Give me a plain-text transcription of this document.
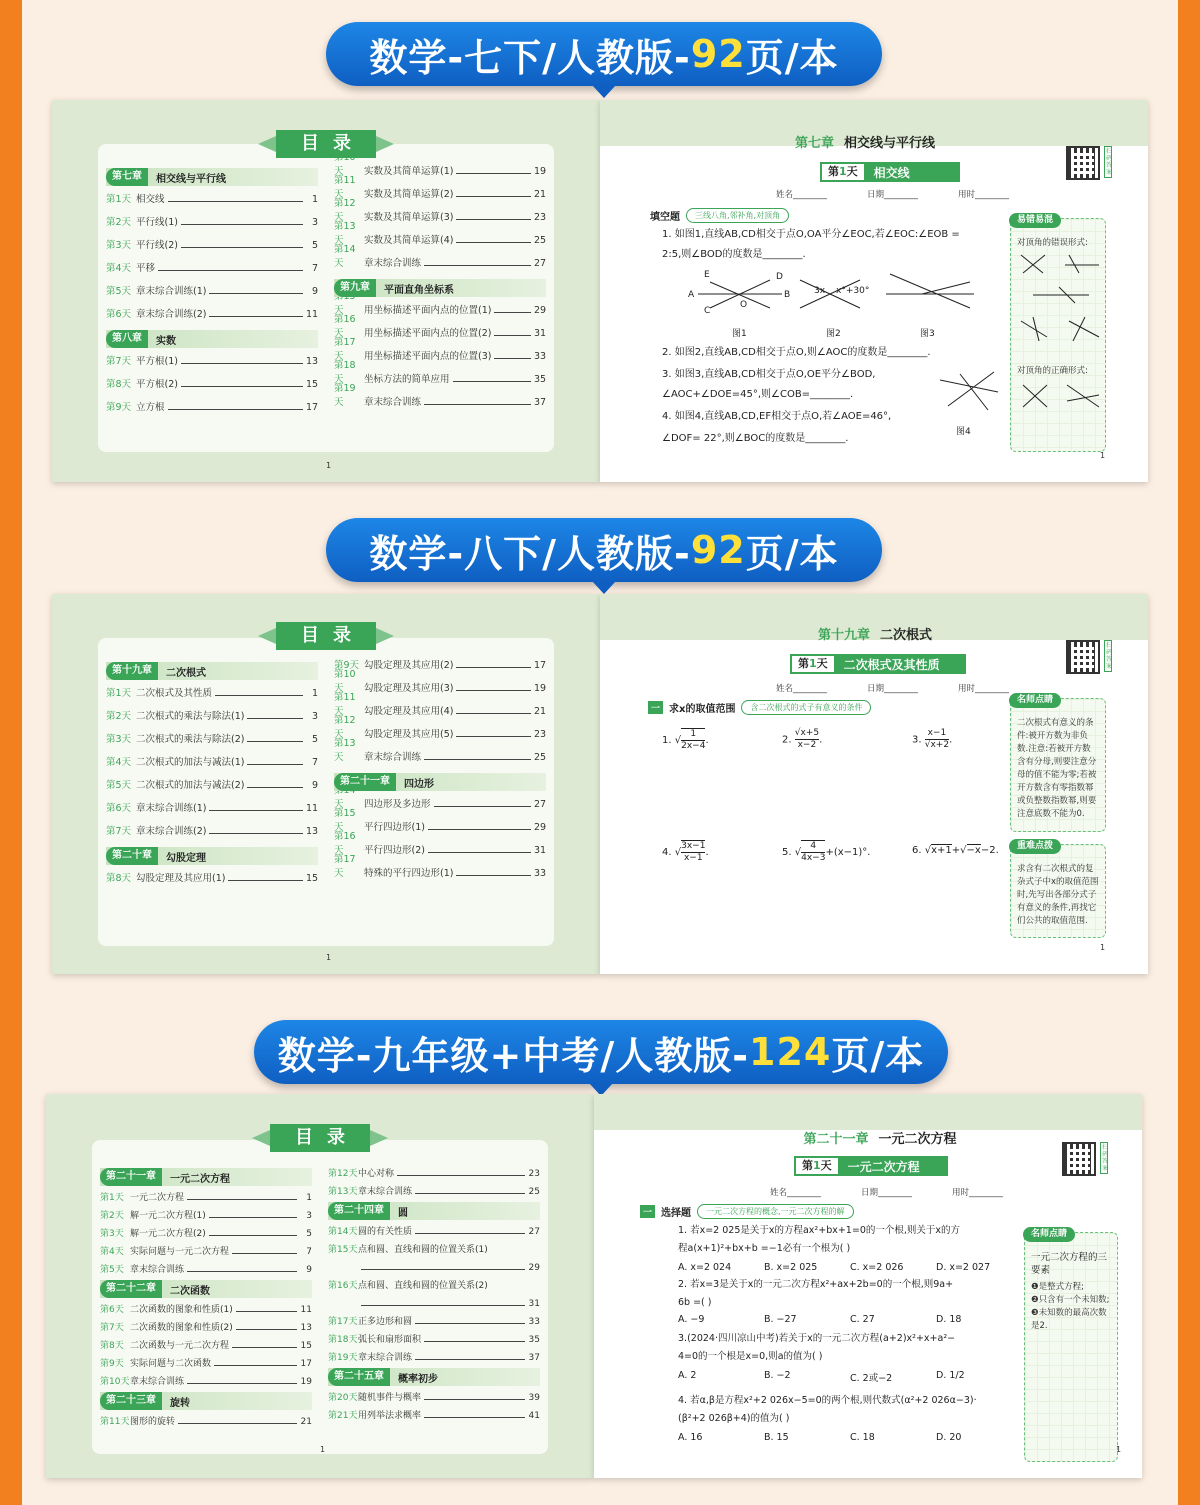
数学-七下/人教版- 92 页/本
第七章	相交线与平行线
第1天 相交线	1
第2天 平行线(1)	3
第3天 平行线(2)	5
第4天 平移	7
第5天 章末综合训练(1)	9
第6天 章末综合训练(2)	11
第八章	实数
第7天 平方根(1)	13
第8天 平方根(2)	15
第9天 立方根	17
天	实数及其简单运算(1)	19
第11天	实数及其简单运算(2)	21
第12天	实数及其简单运算(3)	23
第13天	实数及其简单运算(4)	25
第14天	章末综合训练	27
第九章	平面直角坐标系
天	用坐标描述平面内点的位置(1)	29
第16天	用坐标描述平面内点的位置(2)	31
第17天	用坐标描述平面内点的位置(3)	33
第18天	坐标方法的简单应用	35
第19天	章末综合训练	37
目录
1
第七章 相交线与平行线
第1天	相交线
姓名________	日期________	用时________
扫码答案
填空题	三线八角,邻补角,对顶角
1. 如图1,直线AB,CD相交于点O,OA平分∠EOC,若∠EOC:∠EOB =
2:5,则∠BOD的度数是________.
E	D
A	B
C
O
3x x°+30°
图1	图2	图3
2. 如图2,直线AB,CD相交于点O,则∠AOC的度数是________.
3. 如图3,直线AB,CD相交于点O,OE平分∠BOD,
∠AOC+∠DOE=45°,则∠COB=________.
4. 如图4,直线AB,CD,EF相交于点O,若∠AOE=46°,
∠DOF= 22°,则∠BOC的度数是________.
图4
易错易混
对顶角的错误形式:
对顶角的正确形式:
1
数学-八下/人教版- 92 页/本
第十九章	二次根式
第1天 二次根式及其性质	1
第2天 二次根式的乘法与除法(1)	3
第3天 二次根式的乘法与除法(2)	5
第4天 二次根式的加法与减法(1)	7
第5天 二次根式的加法与减法(2)	9
第6天 章末综合训练(1)	11
第7天 章末综合训练(2)	13
第二十章	勾股定理
第8天 勾股定理及其应用(1)	15
第9天 勾股定理及其应用(2)	17
第10天	勾股定理及其应用(3)	19
第11天	勾股定理及其应用(4)	21
第12天	勾股定理及其应用(5)	23
第13天	章末综合训练	25
第二十一章	四边形
天	四边形及多边形	27
第15天	平行四边形(1)	29
第16天	平行四边形(2)	31
第17天	特殊的平行四边形(1)	33
目录
1
第十九章 二次根式
第1天	二次根式及其性质
姓名________	日期________	用时________
扫码答案
一 求x的取值范围	含二次根式的式子有意义的条件
1. √ $\frac{1}{2x-4}$ .	2. $\frac{√x+5}{x-2}$ .	3. $\frac{x-1}{√x+2}$ .
4. √ $\frac{3x-1}{x-1}$ .	5. √ $\frac{4}{4x-3} +(x-1)^\circ$.	6. √x+1+√−x−2.
名师点睛
二次根式有意义的条件:被开方数为非负数.注意:若被开方数含有分母,则要注意分母的值不能为零;若被开方数含有零指数幂或负整数指数幂,则要注意底数不能为0.
重难点拨
求含有二次根式的复杂式子中x的取值范围时,先写出各部分式子有意义的条件,再找它们公共的取值范围.
1
数学-九年级+中考/人教版- 124 页/本
第二十一章	一元二次方程
第1天 一元二次方程	1
第2天 解一元二次方程(1)	3
第3天 解一元二次方程(2)	5
第4天 实际问题与一元二次方程	7
第5天 章末综合训练	9
第二十二章	二次函数
第6天 二次函数的图象和性质(1)	11
第7天 二次函数的图象和性质(2)	13
第8天 二次函数与一元二次方程	15
第9天 实际问题与二次函数	17
第10天 章末综合训练	19
第二十三章	旋转
第11天 图形的旋转	21
第12天 中心对称	23
第13天 章末综合训练	25
第二十四章	圆
第14天 圆的有关性质	27
第15天 点和圆、直线和圆的位置关系(1)
29
第16天 点和圆、直线和圆的位置关系(2)
31
第17天 正多边形和圆	33
第18天 弧长和扇形面积	35
第19天 章末综合训练	37
第二十五章	概率初步
第20天 随机事件与概率	39
第21天 用列举法求概率	41
目录
1
第二十一章 一元二次方程
第1天	一元二次方程
姓名________	日期________	用时________
扫码答案
一 选择题	一元二次方程的概念,一元二次方程的解
1. 若x=2 025是关于x的方程ax²+bx+1=0的一个根,则关于x的方
程a(x+1)²+bx+b =−1必有一个根为( )
A. x=2 024	B. x=2 025	C. x=2 026	D. x=2 027
2. 若x=3是关于x的一元二次方程x²+ax+2b=0的一个根,则9a+
6b =( )
A. −9	B. −27	C. 27	D. 18
3.(2024·四川凉山中考)若关于x的一元二次方程(a+2)x²+x+a²−
4=0的一个根是x=0,则a的值为( )
A. 2	B. −2	C. 2或−2	D. 1/2
4. 若α,β是方程x²+2 026x−5=0的两个根,则代数式(α²+2 026α−3)·
(β²+2 026β+4)的值为( )
A. 16	B. 15	C. 18	D. 20
名师点睛
一元二次方程的三要素
❶是整式方程;
❷只含有一个未知数;
❸未知数的最高次数是2.
1
